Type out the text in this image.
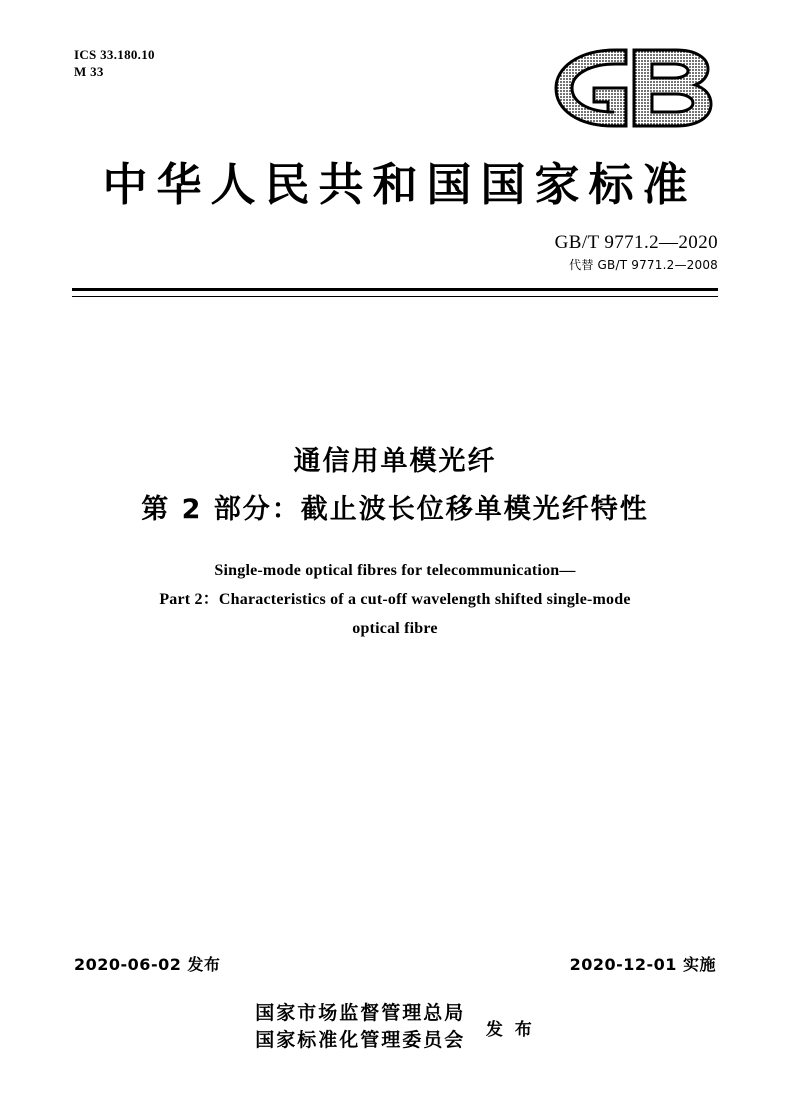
ICS 33.180.10
M 33
中华人民共和国国家标准
GB/T 9771.2—2020
代替 GB/T 9771.2—2008
通信用单模光纤
第 2 部分：截止波长位移单模光纤特性
Single-mode optical fibres for telecommunication—
Part 2：Characteristics of a cut-off wavelength shifted single-mode
optical fibre
2020-06-02 发布	2020-12-01 实施
国家市场监督管理总局
国家标准化管理委员会 发 布
